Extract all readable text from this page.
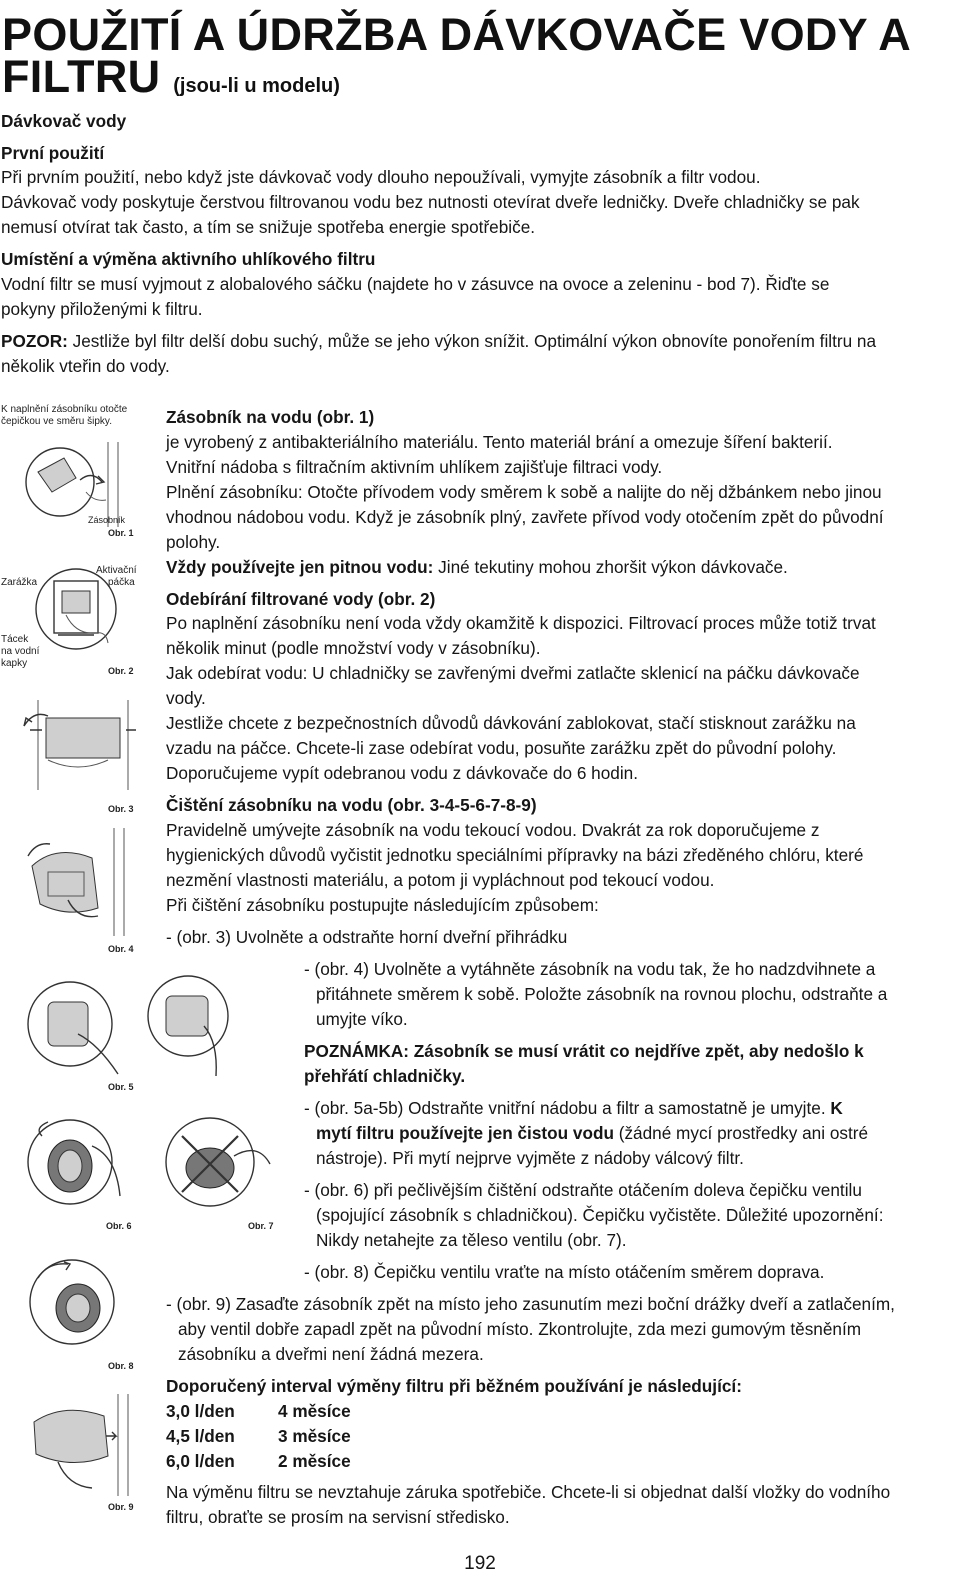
POUŽITÍ A ÚDRŽBA DÁVKOVAČE VODY A
FILTRU (jsou-li u modelu)
Dávkovač vody
První použití
Při prvním použití, nebo když jste dávkovač vody dlouho nepoužívali, vymyjte zásobník a filtr vodou.
Dávkovač vody poskytuje čerstvou filtrovanou vodu bez nutnosti otevírat dveře ledničky. Dveře chladničky se pak
nemusí otvírat tak často, a tím se snižuje spotřeba energie spotřebiče.
Umístění a výměna aktivního uhlíkového filtru
Vodní filtr se musí vyjmout z alobalového sáčku (najdete ho v zásuvce na ovoce a zeleninu - bod 7). Řiďte se
pokyny přiloženými k filtru.
POZOR: Jestliže byl filtr delší dobu suchý, může se jeho výkon snížit. Optimální výkon obnovíte ponořením filtru na
několik vteřin do vody.
K naplnění zásobníku otočte
čepičkou ve směru šipky.
Zásobník
Obr. 1
Aktivační
páčka
Zarážka
Tácek
na vodní
kapky
Obr. 2
Obr. 3
Obr. 4
Obr. 5
Obr. 6	Obr. 7
Obr. 8
Obr. 9
Zásobník na vodu (obr. 1)
je vyrobený z antibakteriálního materiálu. Tento materiál brání a omezuje šíření bakterií.
Vnitřní nádoba s filtračním aktivním uhlíkem zajišťuje filtraci vody.
Plnění zásobníku: Otočte přívodem vody směrem k sobě a nalijte do něj džbánkem nebo jinou
vhodnou nádobou vodu. Když je zásobník plný, zavřete přívod vody otočením zpět do původní
polohy.
Vždy používejte jen pitnou vodu: Jiné tekutiny mohou zhoršit výkon dávkovače.
Odebírání filtrované vody (obr. 2)
Po naplnění zásobníku není voda vždy okamžitě k dispozici. Filtrovací proces může totiž trvat
několik minut (podle množství vody v zásobníku).
Jak odebírat vodu: U chladničky se zavřenými dveřmi zatlačte sklenicí na páčku dávkovače
vody.
Jestliže chcete z bezpečnostních důvodů dávkování zablokovat, stačí stisknout zarážku na
vzadu na páčce. Chcete-li zase odebírat vodu, posuňte zarážku zpět do původní polohy.
Doporučujeme vypít odebranou vodu z dávkovače do 6 hodin.
Čištění zásobníku na vodu (obr. 3-4-5-6-7-8-9)
Pravidelně umývejte zásobník na vodu tekoucí vodou. Dvakrát za rok doporučujeme z
hygienických důvodů vyčistit jednotku speciálními přípravky na bázi zředěného chlóru, které
nezmění vlastnosti materiálu, a potom ji vypláchnout pod tekoucí vodou.
Při čištění zásobníku postupujte následujícím způsobem:
- (obr. 3) Uvolněte a odstraňte horní dveřní přihrádku
- (obr. 4) Uvolněte a vytáhněte zásobník na vodu tak, že ho nadzdvihnete a
přitáhnete směrem k sobě. Položte zásobník na rovnou plochu, odstraňte a
umyjte víko.
POZNÁMKA: Zásobník se musí vrátit co nejdříve zpět, aby nedošlo k
přehřátí chladničky.
- (obr. 5a-5b) Odstraňte vnitřní nádobu a filtr a samostatně je umyjte. K
mytí filtru používejte jen čistou vodu (žádné mycí prostředky ani ostré
nástroje). Při mytí nejprve vyjměte z nádoby válcový filtr.
- (obr. 6) při pečlivějším čištění odstraňte otáčením doleva čepičku ventilu
(spojující zásobník s chladničkou). Čepičku vyčistěte. Důležité upozornění:
Nikdy netahejte za těleso ventilu (obr. 7).
- (obr. 8) Čepičku ventilu vraťte na místo otáčením směrem doprava.
- (obr. 9) Zasaďte zásobník zpět na místo jeho zasunutím mezi boční drážky dveří a zatlačením,
aby ventil dobře zapadl zpět na původní místo. Zkontrolujte, zda mezi gumovým těsněním
zásobníku a dveřmi není žádná mezera.
Doporučený interval výměny filtru při běžném používání je následující:
3,0 l/den	4 měsíce
4,5 l/den	3 měsíce
6,0 l/den	2 měsíce
Na výměnu filtru se nevztahuje záruka spotřebiče. Chcete-li si objednat další vložky do vodního
filtru, obraťte se prosím na servisní středisko.
192
